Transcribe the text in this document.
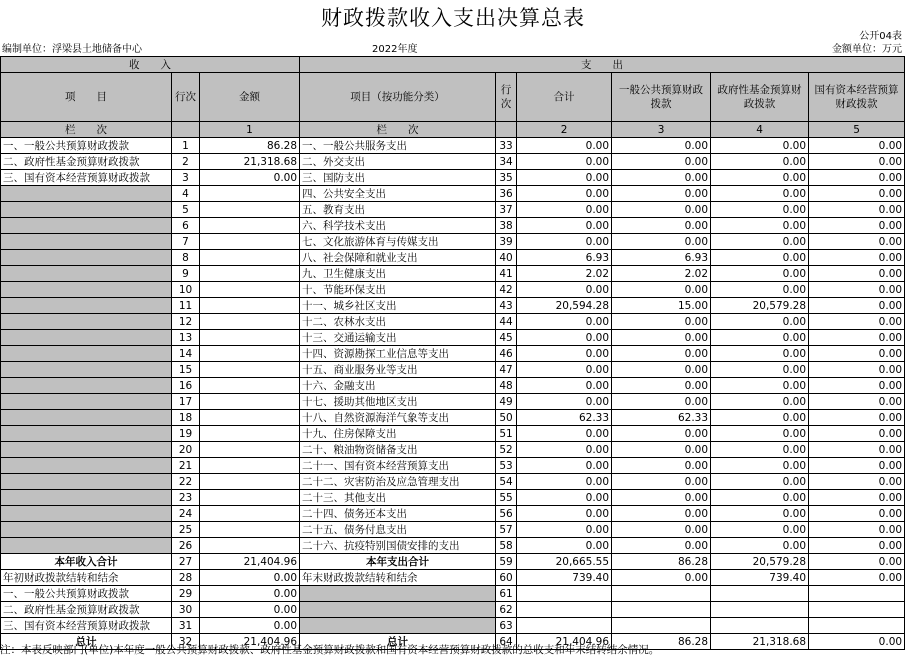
财政拨款收入支出决算总表
公开04表
编制单位：浮梁县土地储备中心	2022年度	金额单位：万元
收　　入			支　　出					
项　　目	行次	金额	项目（按功能分类）	行次	合计	一般公共预算财政拨款	政府性基金预算财政拨款	国有资本经营预算财政拨款
栏　　次		1	栏　　次		2	3	4	5
一、一般公共预算财政拨款	1	86.28	一、一般公共服务支出	33	0.00	0.00	0.00	0.00
二、政府性基金预算财政拨款	2	21,318.68	二、外交支出	34	0.00	0.00	0.00	0.00
三、国有资本经营预算财政拨款	3	0.00	三、国防支出	35	0.00	0.00	0.00	0.00
	4		四、公共安全支出	36	0.00	0.00	0.00	0.00
	5		五、教育支出	37	0.00	0.00	0.00	0.00
	6		六、科学技术支出	38	0.00	0.00	0.00	0.00
	7		七、文化旅游体育与传媒支出	39	0.00	0.00	0.00	0.00
	8		八、社会保障和就业支出	40	6.93	6.93	0.00	0.00
	9		九、卫生健康支出	41	2.02	2.02	0.00	0.00
	10		十、节能环保支出	42	0.00	0.00	0.00	0.00
	11		十一、城乡社区支出	43	20,594.28	15.00	20,579.28	0.00
	12		十二、农林水支出	44	0.00	0.00	0.00	0.00
	13		十三、交通运输支出	45	0.00	0.00	0.00	0.00
	14		十四、资源勘探工业信息等支出	46	0.00	0.00	0.00	0.00
	15		十五、商业服务业等支出	47	0.00	0.00	0.00	0.00
	16		十六、金融支出	48	0.00	0.00	0.00	0.00
	17		十七、援助其他地区支出	49	0.00	0.00	0.00	0.00
	18		十八、自然资源海洋气象等支出	50	62.33	62.33	0.00	0.00
	19		十九、住房保障支出	51	0.00	0.00	0.00	0.00
	20		二十、粮油物资储备支出	52	0.00	0.00	0.00	0.00
	21		二十一、国有资本经营预算支出	53	0.00	0.00	0.00	0.00
	22		二十二、灾害防治及应急管理支出	54	0.00	0.00	0.00	0.00
	23		二十三、其他支出	55	0.00	0.00	0.00	0.00
	24		二十四、债务还本支出	56	0.00	0.00	0.00	0.00
	25		二十五、债务付息支出	57	0.00	0.00	0.00	0.00
	26		二十六、抗疫特别国债安排的支出	58	0.00	0.00	0.00	0.00
本年收入合计	27	21,404.96	本年支出合计	59	20,665.55	86.28	20,579.28	0.00
年初财政拨款结转和结余	28	0.00	年末财政拨款结转和结余	60	739.40	0.00	739.40	0.00
一、一般公共预算财政拨款	29	0.00		61				
二、政府性基金预算财政拨款	30	0.00		62				
三、国有资本经营预算财政拨款	31	0.00		63				
总计	32	21,404.96	总计	64	21,404.96	86.28	21,318.68	0.00
注：本表反映部门(单位)本年度一般公共预算财政拨款、政府性基金预算财政拨款和国有资本经营预算财政拨款的总收支和年末结转结余情况。
